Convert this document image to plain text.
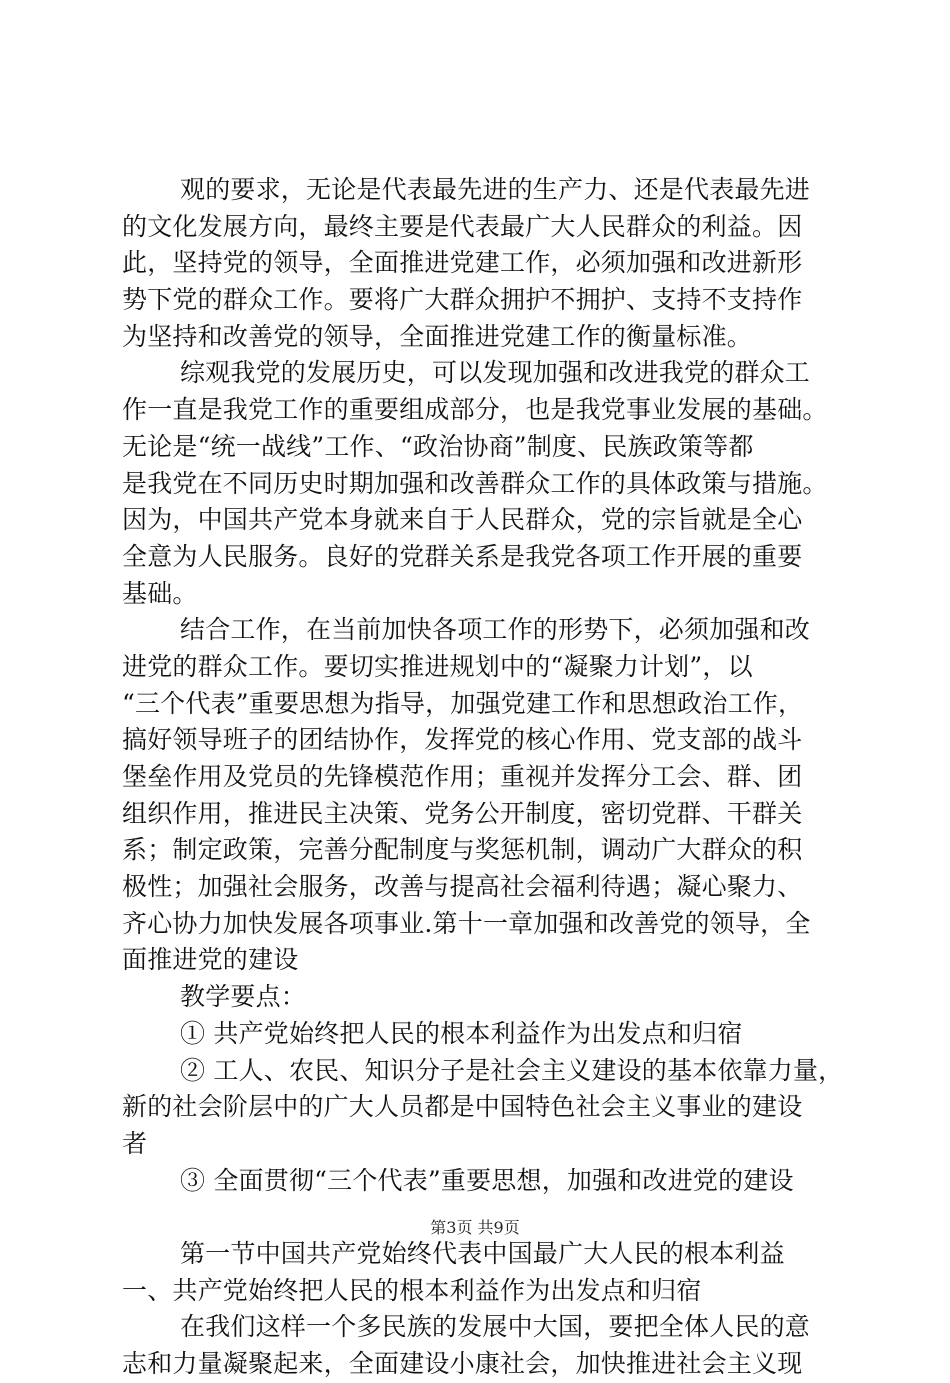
观的要求，无论是代表最先进的生产力、还是代表最先进
的文化发展方向，最终主要是代表最广大人民群众的利益。因
此，坚持党的领导，全面推进党建工作，必须加强和改进新形
势下党的群众工作。要将广大群众拥护不拥护、支持不支持作
为坚持和改善党的领导，全面推进党建工作的衡量标准。
综观我党的发展历史，可以发现加强和改进我党的群众工
作一直是我党工作的重要组成部分，也是我党事业发展的基础。
无论是“统一战线”工作、“政治协商”制度、民族政策等都
是我党在不同历史时期加强和改善群众工作的具体政策与措施。
因为，中国共产党本身就来自于人民群众，党的宗旨就是全心
全意为人民服务。良好的党群关系是我党各项工作开展的重要
基础。
结合工作，在当前加快各项工作的形势下，必须加强和改
进党的群众工作。要切实推进规划中的“凝聚力计划”，以
“三个代表”重要思想为指导，加强党建工作和思想政治工作，
搞好领导班子的团结协作，发挥党的核心作用、党支部的战斗
堡垒作用及党员的先锋模范作用；重视并发挥分工会、群、团
组织作用，推进民主决策、党务公开制度，密切党群、干群关
系；制定政策，完善分配制度与奖惩机制，调动广大群众的积
极性；加强社会服务，改善与提高社会福利待遇；凝心聚力、
齐心协力加快发展各项事业.第十一章加强和改善党的领导，全
面推进党的建设
教学要点：
① 共产党始终把人民的根本利益作为出发点和归宿
② 工人、农民、知识分子是社会主义建设的基本依靠力量，
新的社会阶层中的广大人员都是中国特色社会主义事业的建设
者
③ 全面贯彻“三个代表”重要思想，加强和改进党的建设
第一节中国共产党始终代表中国最广大人民的根本利益
一、共产党始终把人民的根本利益作为出发点和归宿
在我们这样一个多民族的发展中大国，要把全体人民的意
志和力量凝聚起来，全面建设小康社会，加快推进社会主义现
第3页 共9页
